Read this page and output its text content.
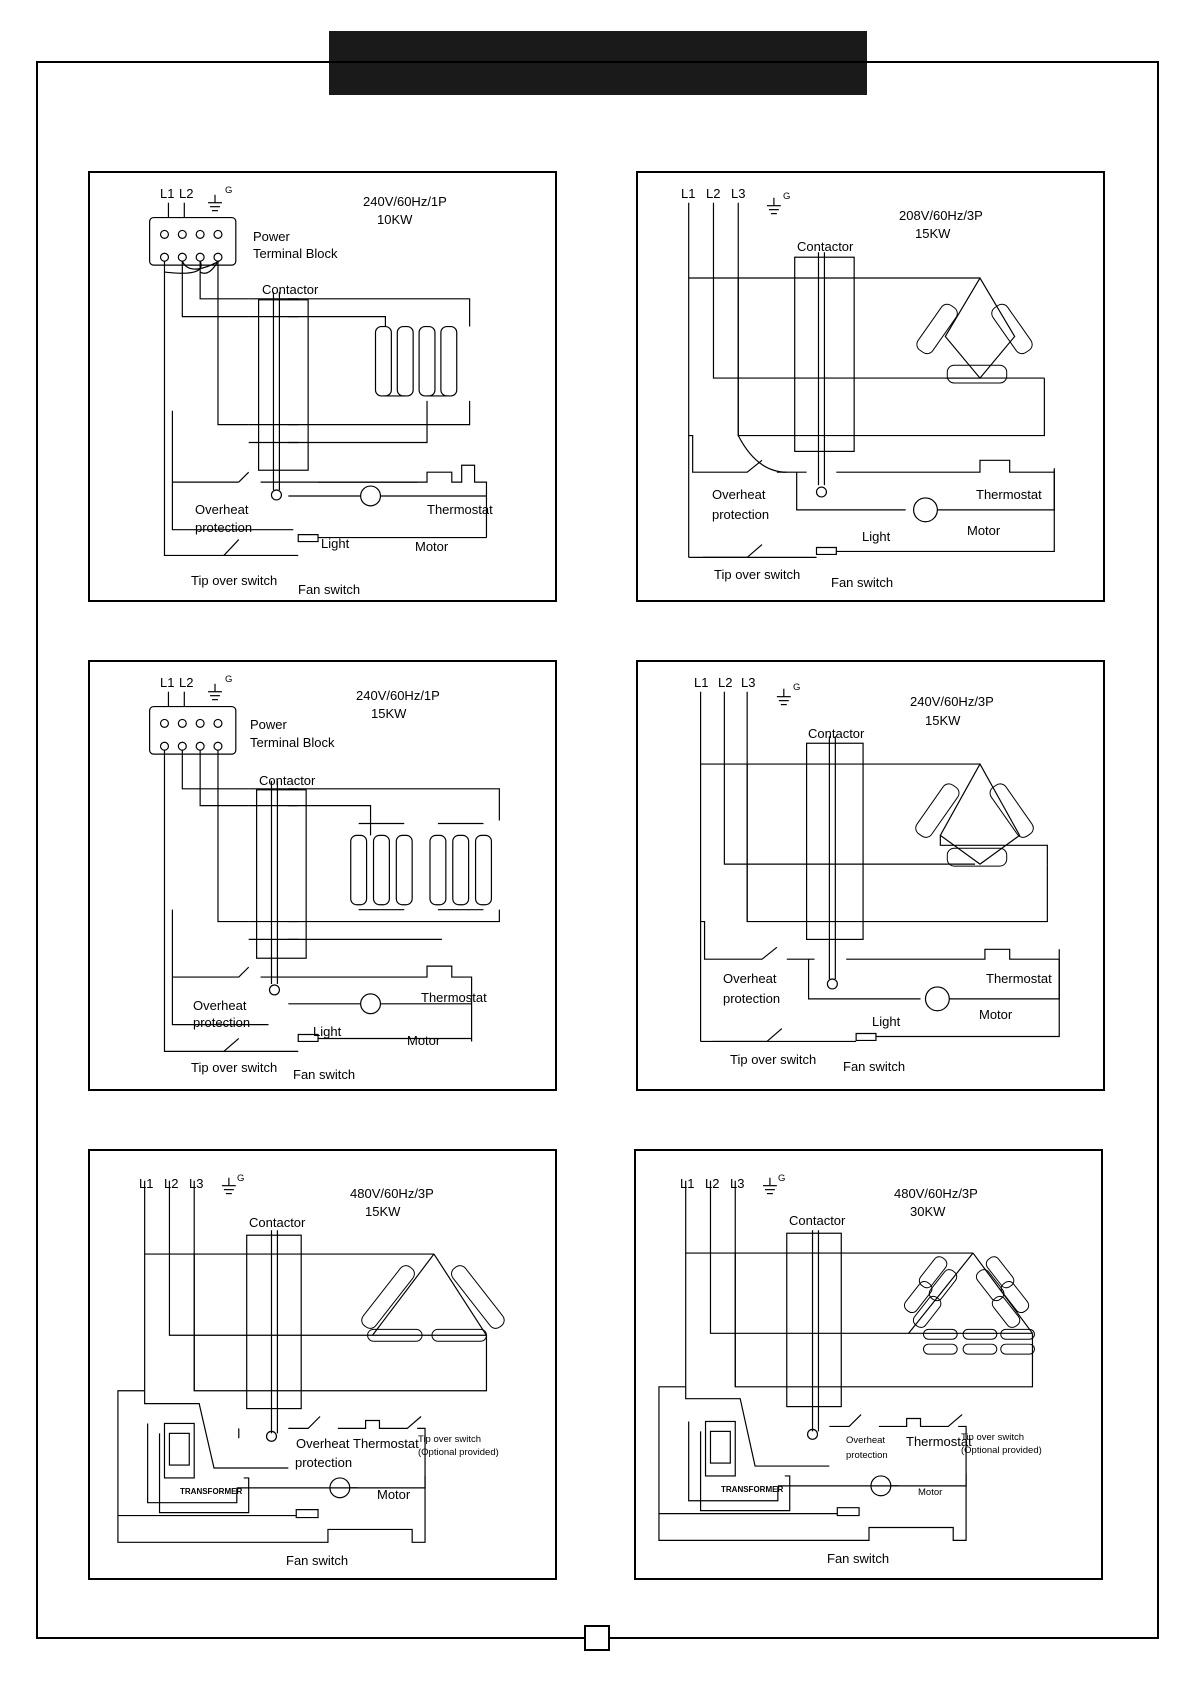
L1 L2	G
240V/60Hz/1P
10KW
Power
Terminal Block
Contactor
Overheat
protection
Thermostat
Motor
Light
Tip over switch
Fan switch
L1 L2 L3	G
208V/60Hz/3P
15KW
Contactor
Overheat
protection
Thermostat
Motor
Light
Tip over switch
Fan switch
L1 L2	G
240V/60Hz/1P
15KW
Power
Terminal Block
Contactor
Overheat
protection
Thermostat
Motor
Light
Tip over switch Fan switch
L1 L2 L3	G
240V/60Hz/3P
15KW
Contactor
Overheat
protection
Thermostat
Motor
Light
Tip over switch Fan switch
L1 L2 L3	G
480V/60Hz/3P
15KW
Contactor
Overheat
protection
Thermostat Tip over switch
(Optional provided)
TRANSFORMER	Motor
Fan switch
L1 L2 L3	G
480V/60Hz/3P
30KW
Contactor
Overheat
protection
Thermostat
Tip over switch
(Optional provided)
TRANSFORMER	Motor
Fan switch
